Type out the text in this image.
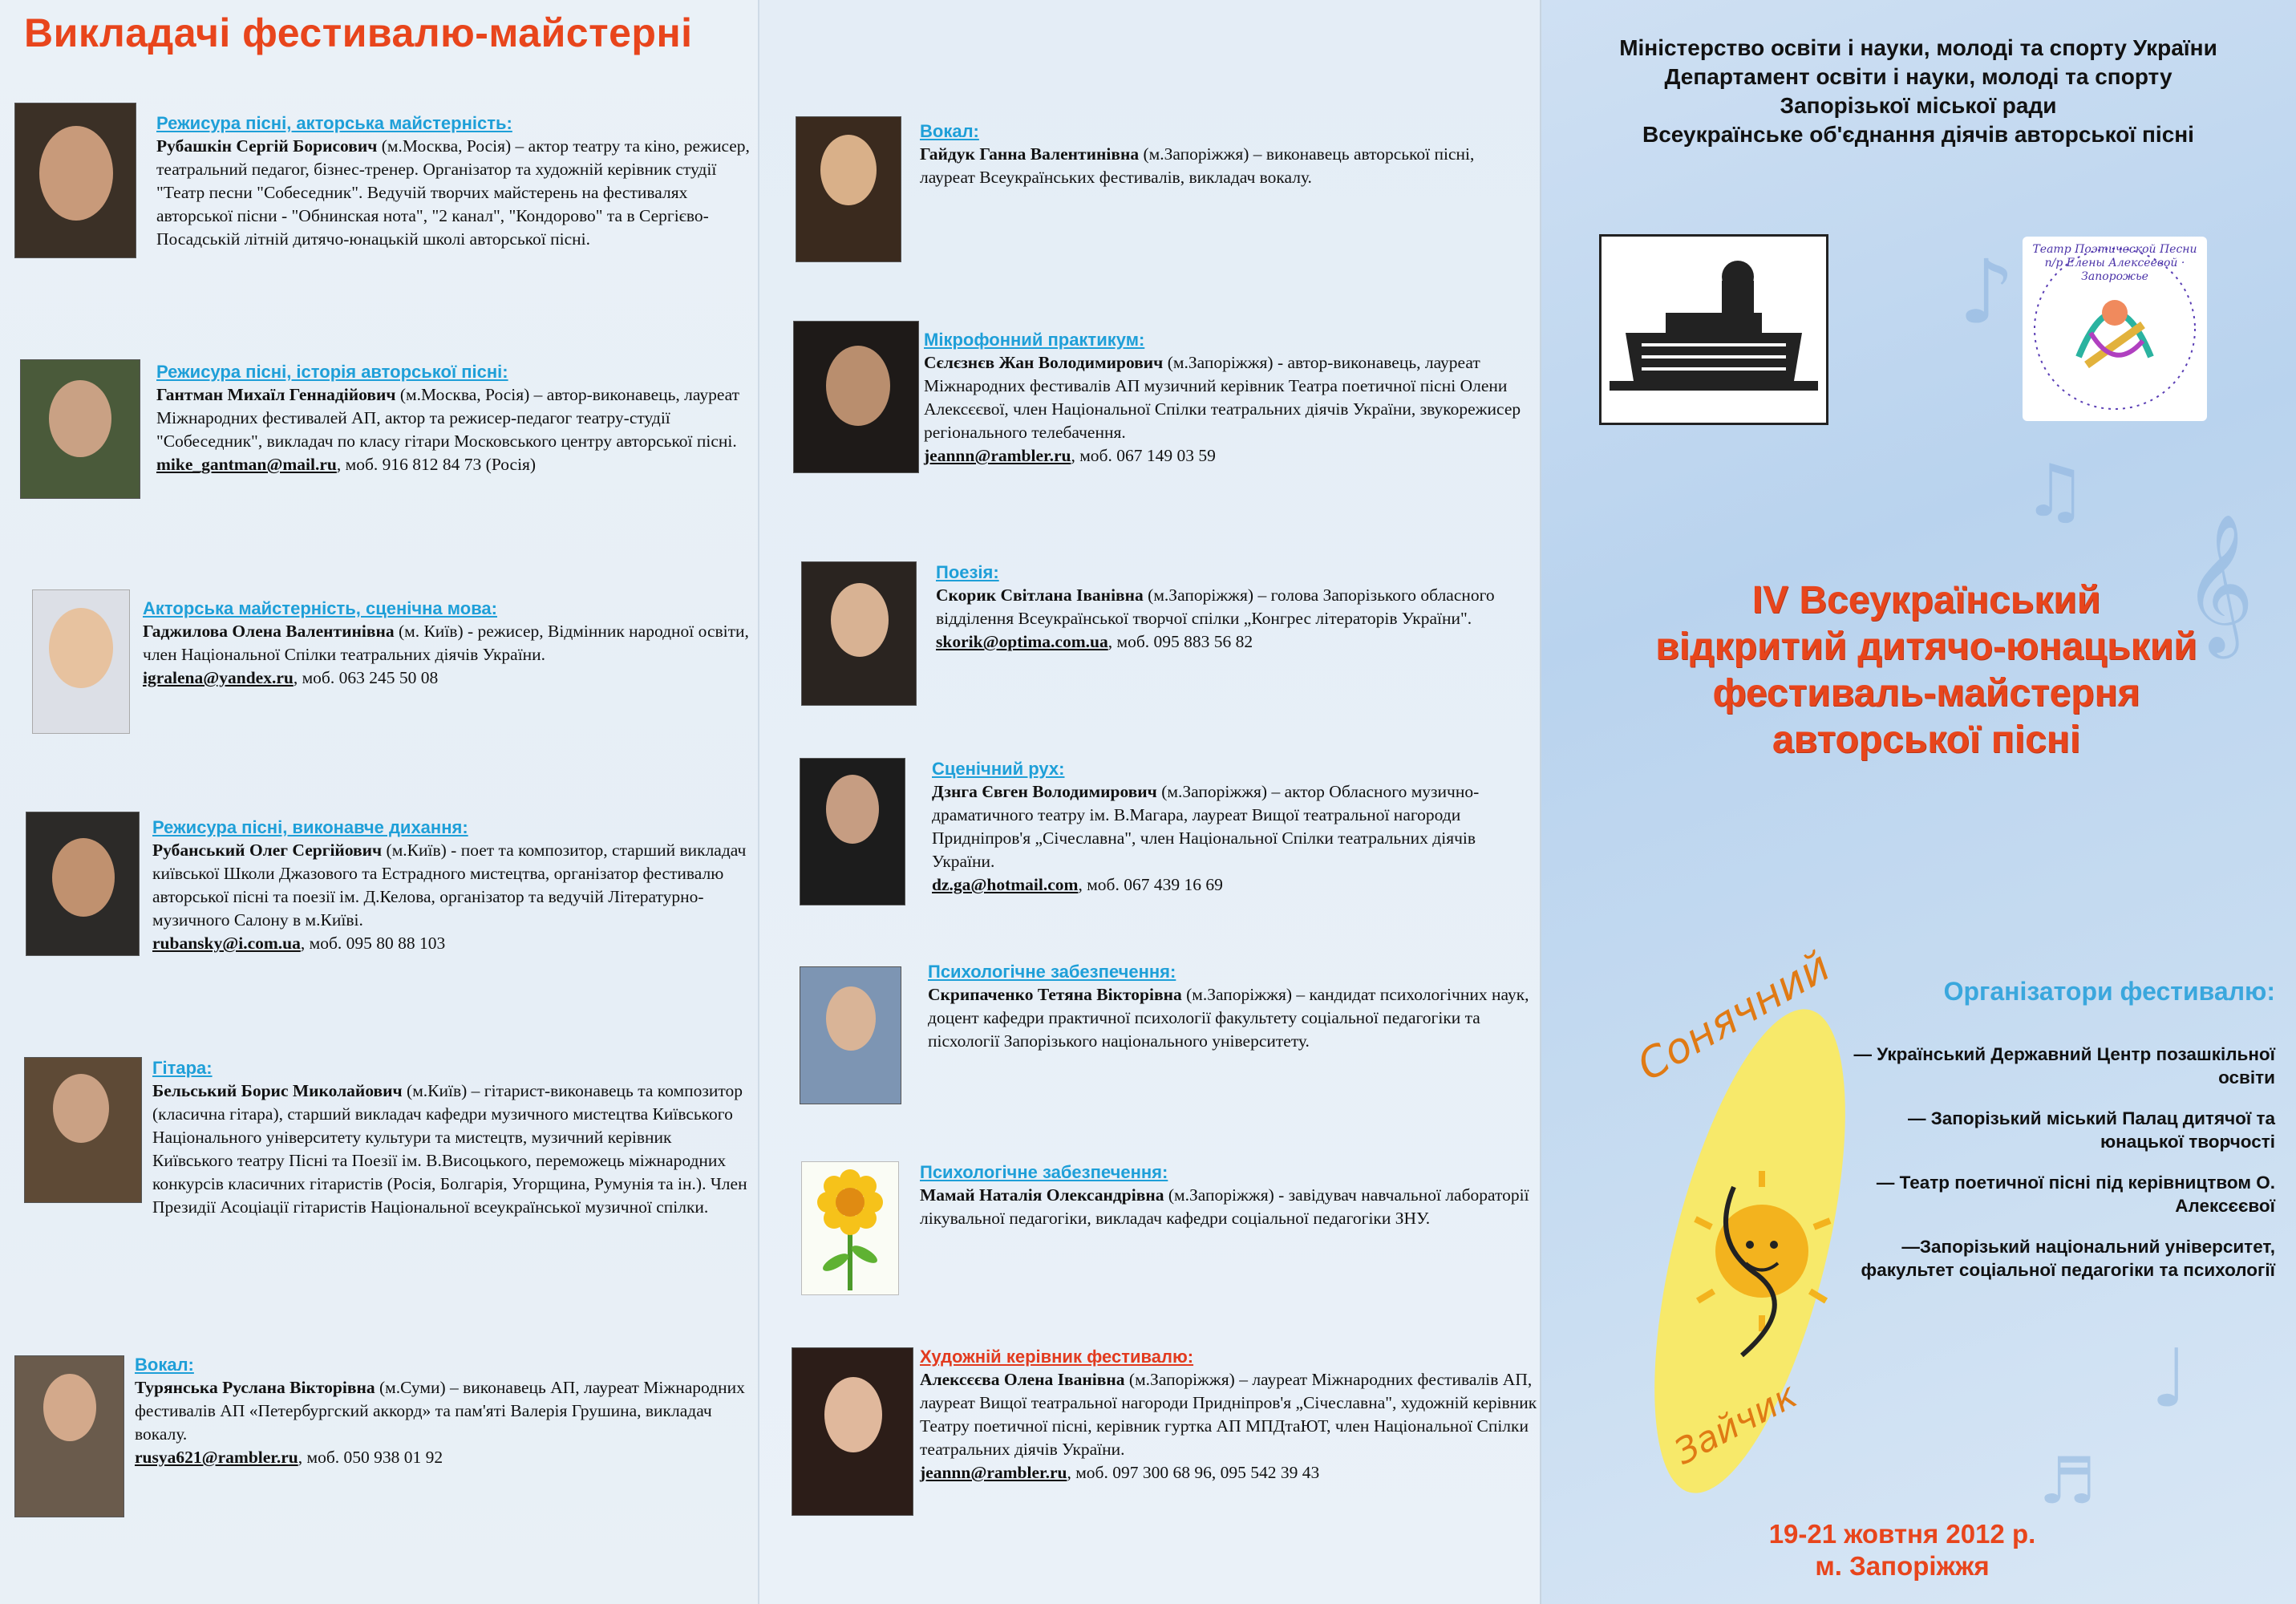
Викладачі фестивалю-майстерні
Режисура пісні, акторська майстерність:
Рубашкін Сергій Борисович (м.Москва, Росія) – актор театру та кіно, режисер, театральний педагог, бізнес-тренер. Організатор та художній керівник студії "Театр песни "Собеседник". Ведучій творчих майстерень на фестивалях авторської пісни - "Обнинская нота", "2 канал", "Кондорово" та в Сергієво-Посадській літній дитячо-юнацькій школі авторської пісні.
Режисура пісні, історія авторської пісні:
Гантман Михаїл Геннадійович (м.Москва, Росія) – автор-виконавець, лауреат Міжнародних фестивалей АП, актор та режисер-педагог театру-студії "Собеседник", викладач по класу гітари Московського центру авторської пісні.
mike_gantman@mail.ru, моб. 916 812 84 73 (Росія)
Акторська майстерність, сценічна мова:
Гаджилова Олена Валентинівна (м. Київ) - режисер, Відмінник народної освіти, член Національної Спілки театральних діячів України.
igralena@yandex.ru, моб. 063 245 50 08
Режисура пісні, виконавче дихання:
Рубанський Олег Сергійович (м.Київ) - поет та композитор, старший викладач київської Школи Джазового та Естрадного мистецтва, організатор фестивалю авторської пісні та поезії ім. Д.Келова, організатор та ведучій Літературно-музичного Салону в м.Київі.
rubansky@i.com.ua, моб. 095 80 88 103
Гітара:
Бельський Борис Миколайович (м.Київ) – гітарист-виконавець та композитор (класична гітара), старший викладач кафедри музичного мистецтва Київського Національного університету культури та мистецтв, музичний керівник Київського театру Пісні та Поезії ім. В.Висоцького, переможець міжнародних конкурсів класичних гітаристів (Росія, Болгарія, Угорщина, Румунія та ін.). Член Президії Асоціації гітаристів Національної всеукраїнської музичної спілки.
Вокал:
Турянська Руслана Вікторівна (м.Суми) – виконавець АП, лауреат Міжнародних фестивалів АП «Петербургский аккорд» та пам'яті Валерія Грушина, викладач вокалу.
rusya621@rambler.ru, моб. 050 938 01 92
Вокал:
Гайдук Ганна Валентинівна (м.Запоріжжя) – виконавець авторської пісні, лауреат Всеукраїнських фестивалів, викладач вокалу.
Мікрофонний практикум:
Сєлєзнєв Жан Володимирович (м.Запоріжжя) - автор-виконавець, лауреат Міжнародних фестивалів АП музичний керівник Театра поетичної пісні Олени Алексєєвої, член Національної Спілки театральних діячів України, звукорежисер регіонального телебачення.
jeannn@rambler.ru, моб. 067 149 03 59
Поезія:
Скорик Світлана Іванівна (м.Запоріжжя) – голова Запорізького обласного відділення Всеукраїнської творчої спілки „Конгрес літераторів України".
skorik@optima.com.ua, моб. 095 883 56 82
Сценічний рух:
Дзнга Євген Володимирович (м.Запоріжжя) – актор Обласного музично-драматичного театру ім. В.Магара, лауреат Вищої театральної нагороди Придніпров'я „Січеславна", член Національної Спілки театральних діячів України.
dz.ga@hotmail.com, моб. 067 439 16 69
Психологічне забезпечення:
Скрипаченко Тетяна Вікторівна (м.Запоріжжя) – кандидат психологічних наук, доцент кафедри практичної психології факультету соціальної педагогіки та пісхології Запорізького національного університету.
Психологічне забезпечення:
Мамай Наталія Олександрівна (м.Запоріжжя) - завідувач навчальної лабораторії лікувальної педагогіки, викладач кафедри соціальної педагогіки ЗНУ.
Художній керівник фестивалю:
Алексєєва Олена Іванівна (м.Запоріжжя) – лауреат Міжнародних фестивалів АП, лауреат Вищої театральної нагороди Придніпров'я „Січеславна", художній керівник Театру поетичної пісні, керівник гуртка АП МПДтаЮТ, член Національної Спілки театральних діячів України.
jeannn@rambler.ru, моб. 097 300 68 96, 095 542 39 43
♪
♫
𝄞
♩
♬
Міністерство освіти і науки, молоді та спорту України
Департамент освіти і науки, молоді та спорту
Запорізької міської ради
Всеукраїнське об'єднання діячів авторської пісні
Театр Поэтической Песни п/р Елены Алексеевой · Запорожье
IV Всеукраїнський
відкритий дитячо-юнацький
фестиваль-майстерня
авторської пісні
Сонячний
Зайчик
Організатори фестивалю:
— Український Державний Центр позашкільної освіти
— Запорізький міський Палац дитячої та юнацької творчості
— Театр поетичної пісні під керівництвом О. Алексєєвої
—Запорізький національний університет, факультет соціальної педагогіки та психології
19-21 жовтня 2012 р.
м. Запоріжжя
